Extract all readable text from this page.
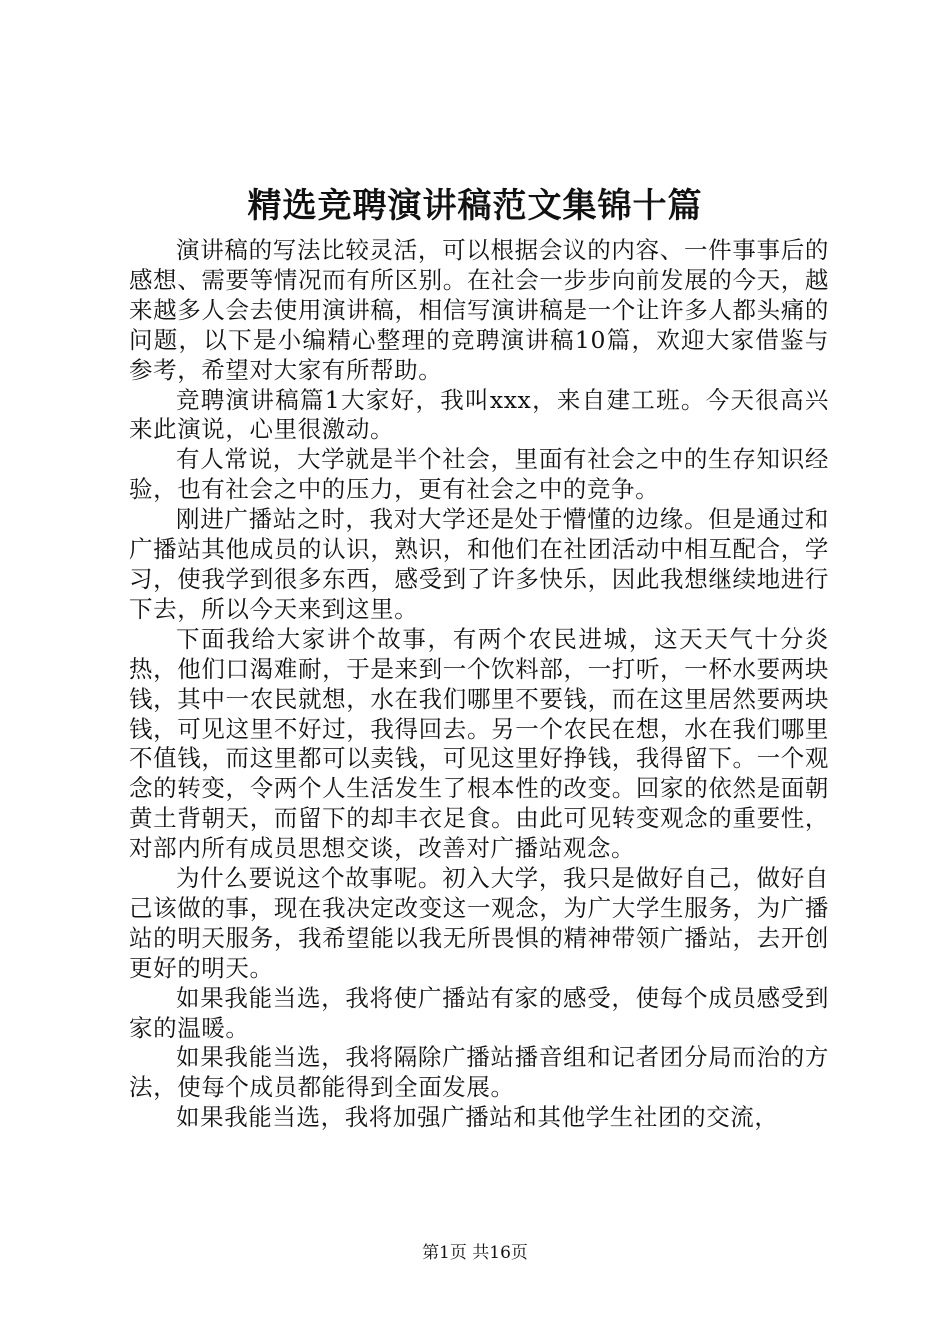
精选竞聘演讲稿范文集锦十篇

演讲稿的写法比较灵活，可以根据会议的内容、一件事事后的感想、需要等情况而有所区别。在社会一步步向前发展的今天，越来越多人会去使用演讲稿，相信写演讲稿是一个让许多人都头痛的问题，以下是小编精心整理的竞聘演讲稿10篇，欢迎大家借鉴与参考，希望对大家有所帮助。

竞聘演讲稿篇1大家好，我叫xxx，来自建工班。今天很高兴来此演说，心里很激动。

有人常说，大学就是半个社会，里面有社会之中的生存知识经验，也有社会之中的压力，更有社会之中的竞争。

刚进广播站之时，我对大学还是处于懵懂的边缘。但是通过和广播站其他成员的认识，熟识，和他们在社团活动中相互配合，学习，使我学到很多东西，感受到了许多快乐，因此我想继续地进行下去，所以今天来到这里。

下面我给大家讲个故事，有两个农民进城，这天天气十分炎热，他们口渴难耐，于是来到一个饮料部，一打听，一杯水要两块钱，其中一农民就想，水在我们哪里不要钱，而在这里居然要两块钱，可见这里不好过，我得回去。另一个农民在想，水在我们哪里不值钱，而这里都可以卖钱，可见这里好挣钱，我得留下。一个观念的转变，令两个人生活发生了根本性的改变。回家的依然是面朝黄土背朝天，而留下的却丰衣足食。由此可见转变观念的重要性，对部内所有成员思想交谈，改善对广播站观念。

为什么要说这个故事呢。初入大学，我只是做好自己，做好自己该做的事，现在我决定改变这一观念，为广大学生服务，为广播站的明天服务，我希望能以我无所畏惧的精神带领广播站，去开创更好的明天。

如果我能当选，我将使广播站有家的感受，使每个成员感受到家的温暖。

如果我能当选，我将隔除广播站播音组和记者团分局而治的方法，使每个成员都能得到全面发展。

如果我能当选，我将加强广播站和其他学生社团的交流，

第1页 共16页
